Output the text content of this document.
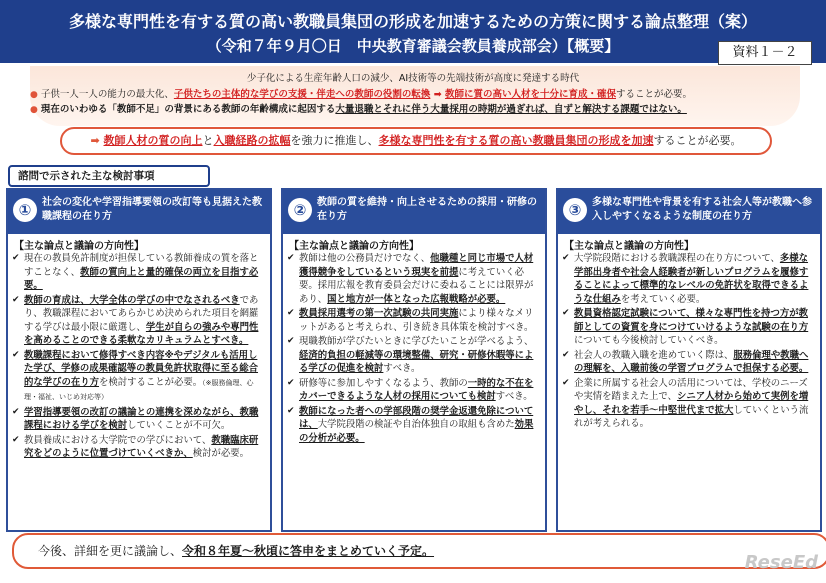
多様な専門性を有する質の高い教職員集団の形成を加速するための方策に関する論点整理（案）
（令和７年９月〇日　中央教育審議会教員養成部会）【概要】	資料１－２
少子化による生産年齢人口の減少、AI技術等の先端技術が高度に発達する時代
● 子供一人一人の能力の最大化、子供たちの主体的な学びの支援・伴走への教師の役割の転換 ➡ 教師に質の高い人材を十分に育成・確保することが必要。
● 現在のいわゆる「教師不足」の背景にある教師の年齢構成に起因する大量退職とそれに伴う大量採用の時期が過ぎれば、自ずと解決する課題ではない。
➡ 教師人材の質の向上と入職経路の拡幅を強力に推進し、多様な専門性を有する質の高い教職員集団の形成を加速することが必要。
諮問で示された主な検討事項
①	社会の変化や学習指導要領の改訂等も見据えた教職課程の在り方
【主な論点と議論の方向性】
✔ 現在の教員免許制度が担保している教師養成の質を落とすことなく、教師の質向上と量的確保の両立を目指す必要。
✔ 教師の育成は、大学全体の学びの中でなされるべきであり、教職課程においてあらかじめ決められた項目を網羅する学びは最小限に厳選し、学生が自らの強みや専門性を高めることのできる柔軟なカリキュラムとすべき。
✔ 教職課程において修得すべき内容※やデジタルも活用した学び、学修の成果確認等の教員免許状取得に至る総合的な学びの在り方を検討することが必要。（※服務倫理、心理・福祉、いじめ対応等）
✔ 学習指導要領の改訂の議論との連携を深めながら、教職課程における学びを検討していくことが不可欠。
✔ 教員養成における大学院での学びにおいて、教職臨床研究をどのように位置づけていくべきか、検討が必要。
②	教師の質を維持・向上させるための採用・研修の在り方
【主な論点と議論の方向性】
✔ 教師は他の公務員だけでなく、他職種と同じ市場で人材獲得競争をしているという現実を前提に考えていく必要。採用広報を教育委員会だけに委ねることには限界があり、国と地方が一体となった広報戦略が必要。
✔ 教員採用選考の第一次試験の共同実施により様々なメリットがあると考えられ、引き続き具体策を検討すべき。
✔ 現職教師が学びたいときに学びたいことが学べるよう、経済的負担の軽減等の環境整備、研究・研修休暇等による学びの促進を検討すべき。
✔ 研修等に参加しやすくなるよう、教師の一時的な不在をカバーできるような人材の採用についても検討すべき。
✔ 教師になった者への学部段階の奨学金返還免除については、大学院段階の検証や自治体独自の取組も含めた効果の分析が必要。
③	多様な専門性や背景を有する社会人等が教職へ参入しやすくなるような制度の在り方
【主な論点と議論の方向性】
✔ 大学院段階における教職課程の在り方について、多様な学部出身者や社会人経験者が新しいプログラムを履修することによって標準的なレベルの免許状を取得できるような仕組みを考えていく必要。
✔ 教員資格認定試験について、様々な専門性を持つ方が教師としての資質を身につけていけるような試験の在り方についても今後検討していくべき。
✔ 社会人の教職入職を進めていく際は、服務倫理や教職への理解を、入職前後の学習プログラムで担保する必要。
✔ 企業に所属する社会人の活用については、学校のニーズや実情を踏まえた上で、シニア人材から始めて実例を増やし、それを若手～中堅世代まで拡大していくという流れが考えられる。
今後、詳細を更に議論し、令和８年夏～秋頃に答申をまとめていく予定。
ReseEd
